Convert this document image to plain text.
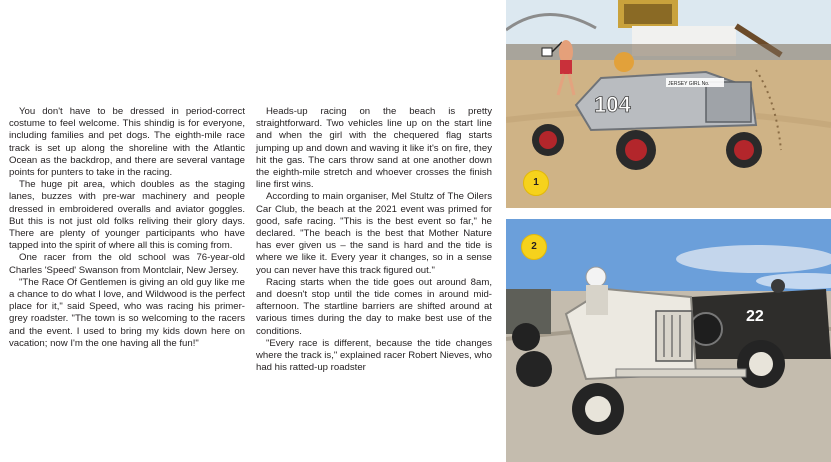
You don't have to be dressed in period-correct costume to feel welcome. This shindig is for everyone, including families and pet dogs. The eighth-mile race track is set up along the shoreline with the Atlantic Ocean as the backdrop, and there are several vantage points for punters to take in the racing.

The huge pit area, which doubles as the staging lanes, buzzes with pre-war machinery and people dressed in embroidered overalls and aviator goggles. But this is not just old folks reliving their glory days. There are plenty of younger participants who have tapped into the spirit of where all this is coming from.

One racer from the old school was 76-year-old Charles 'Speed' Swanson from Montclair, New Jersey.

"The Race Of Gentlemen is giving an old guy like me a chance to do what I love, and Wildwood is the perfect place for it," said Speed, who was racing his primer-grey roadster. "The town is so welcoming to the racers and the event. I used to bring my kids down here on vacation; now I'm the one having all the fun!"

Heads-up racing on the beach is pretty straightforward. Two vehicles line up on the start line and when the girl with the chequered flag starts jumping up and down and waving it like it's on fire, they hit the gas. The cars throw sand at one another down the eighth-mile stretch and whoever crosses the finish line first wins.

According to main organiser, Mel Stultz of The Oilers Car Club, the beach at the 2021 event was primed for good, safe racing. "This is the best event so far," he declared. "The beach is the best that Mother Nature has ever given us – the sand is hard and the tide is where we like it. Every year it changes, so in a sense you can never have this track figured out."

Racing starts when the tide goes out around 8am, and doesn't stop until the tide comes in around mid-afternoon. The startline barriers are shifted around at various times during the day to make best use of the conditions.

"Every race is different, because the tide changes where the track is," explained racer Robert Nieves, who had his ratted-up roadster

JERSEY GIRL No.
104
22
1
2
